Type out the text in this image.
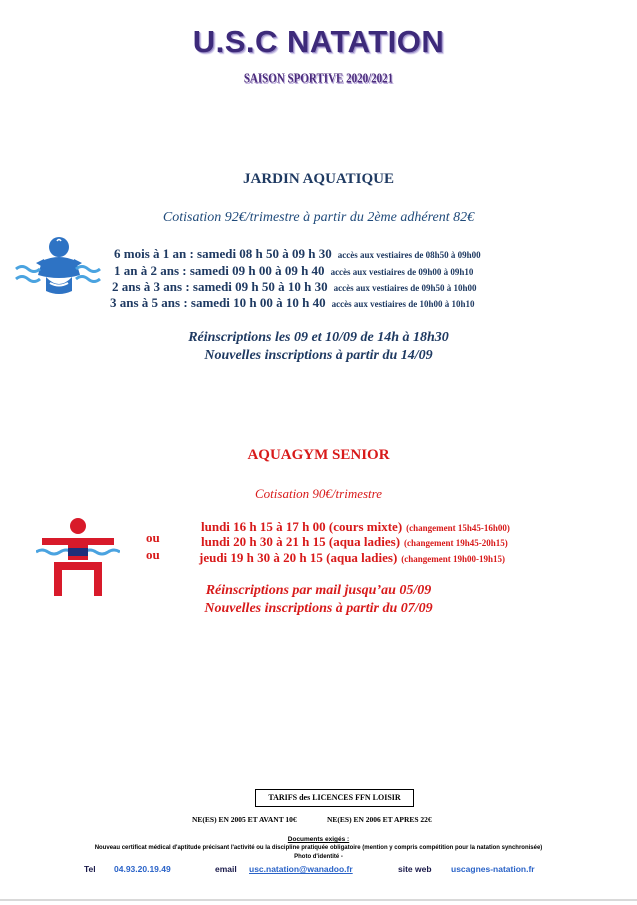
U.S.C NATATION
SAISON SPORTIVE 2020/2021
JARDIN AQUATIQUE
Cotisation 92€/trimestre à partir du 2ème adhérent 82€
6 mois à 1 an : samedi 08 h 50 à 09 h 30 accès aux vestiaires de 08h50 à 09h00
1 an à 2 ans : samedi 09 h 00 à 09 h 40 accès aux vestiaires de 09h00 à 09h10
2 ans à 3 ans : samedi 09 h 50 à 10 h 30 accès aux vestiaires de 09h50 à 10h00
3 ans à 5 ans : samedi 10 h 00 à 10 h 40 accès aux vestiaires de 10h00 à 10h10
Réinscriptions les 09 et 10/09 de 14h à 18h30
Nouvelles inscriptions à partir du 14/09
AQUAGYM SENIOR
Cotisation 90€/trimestre
ou
ou
lundi 16 h 15 à 17 h 00 (cours mixte) (changement 15h45-16h00)
lundi 20 h 30 à 21 h 15 (aqua ladies) (changement 19h45-20h15)
jeudi 19 h 30 à 20 h 15 (aqua ladies) (changement 19h00-19h15)
Réinscriptions par mail jusqu’au 05/09
Nouvelles inscriptions à partir du 07/09
TARIFS des LICENCES FFN LOISIR
NE(ES) EN 2005 ET AVANT 10€	NE(ES) EN 2006 ET APRES 22€
Documents exigés :
Nouveau certificat médical d'aptitude précisant l'activité ou la discipline pratiquée obligatoire (mention y compris compétition pour la natation synchronisée)
Photo d'identité -
Tel 04.93.20.19.49	email usc.natation@wanadoo.fr	site web uscagnes-natation.fr
